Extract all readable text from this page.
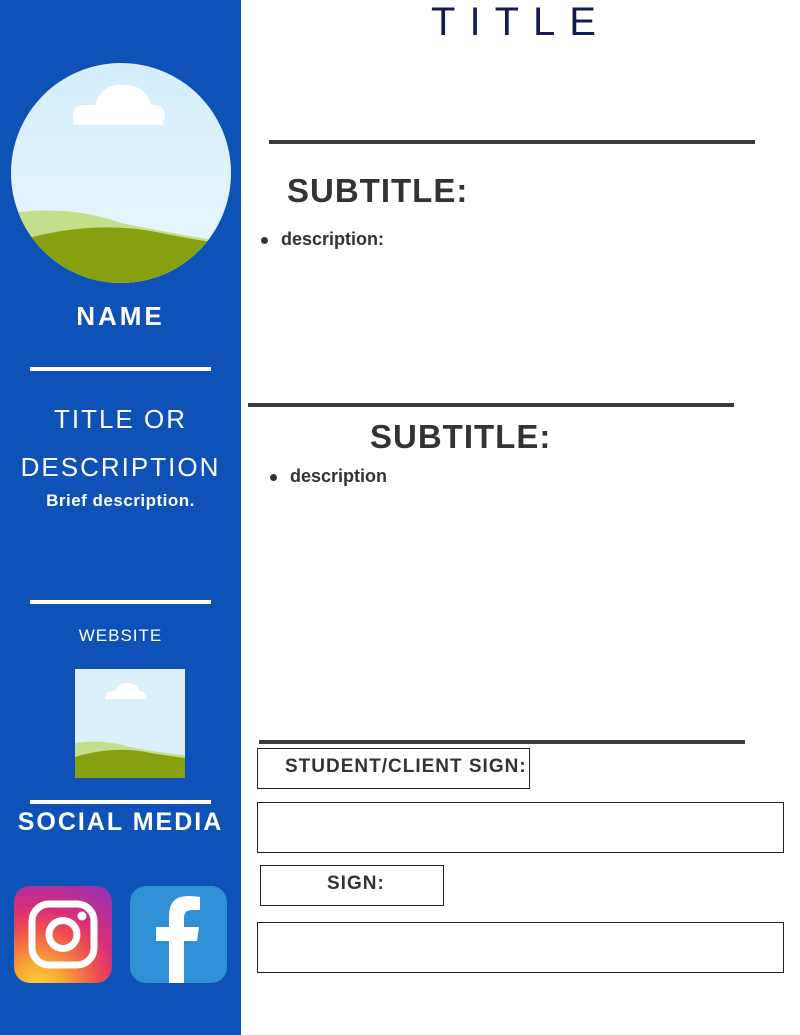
NAME
TITLE OR
DESCRIPTION
Brief description.
WEBSITE
SOCIAL MEDIA
TITLE
SUBTITLE:
description:
SUBTITLE:
description
STUDENT/CLIENT SIGN:
SIGN:
